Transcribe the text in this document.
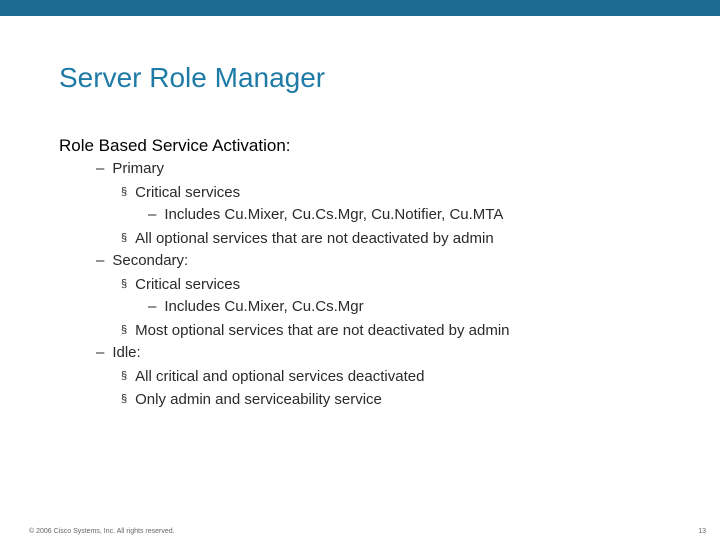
Server Role Manager
Role Based Service Activation:
– Primary
§ Critical services
– Includes Cu.Mixer, Cu.Cs.Mgr, Cu.Notifier, Cu.MTA
§ All optional services that are not deactivated by admin
– Secondary:
§ Critical services
– Includes Cu.Mixer, Cu.Cs.Mgr
§ Most optional services that are not deactivated by admin
– Idle:
§ All critical and optional services deactivated
§ Only admin and serviceability service
© 2006 Cisco Systems, Inc. All rights reserved.	13
